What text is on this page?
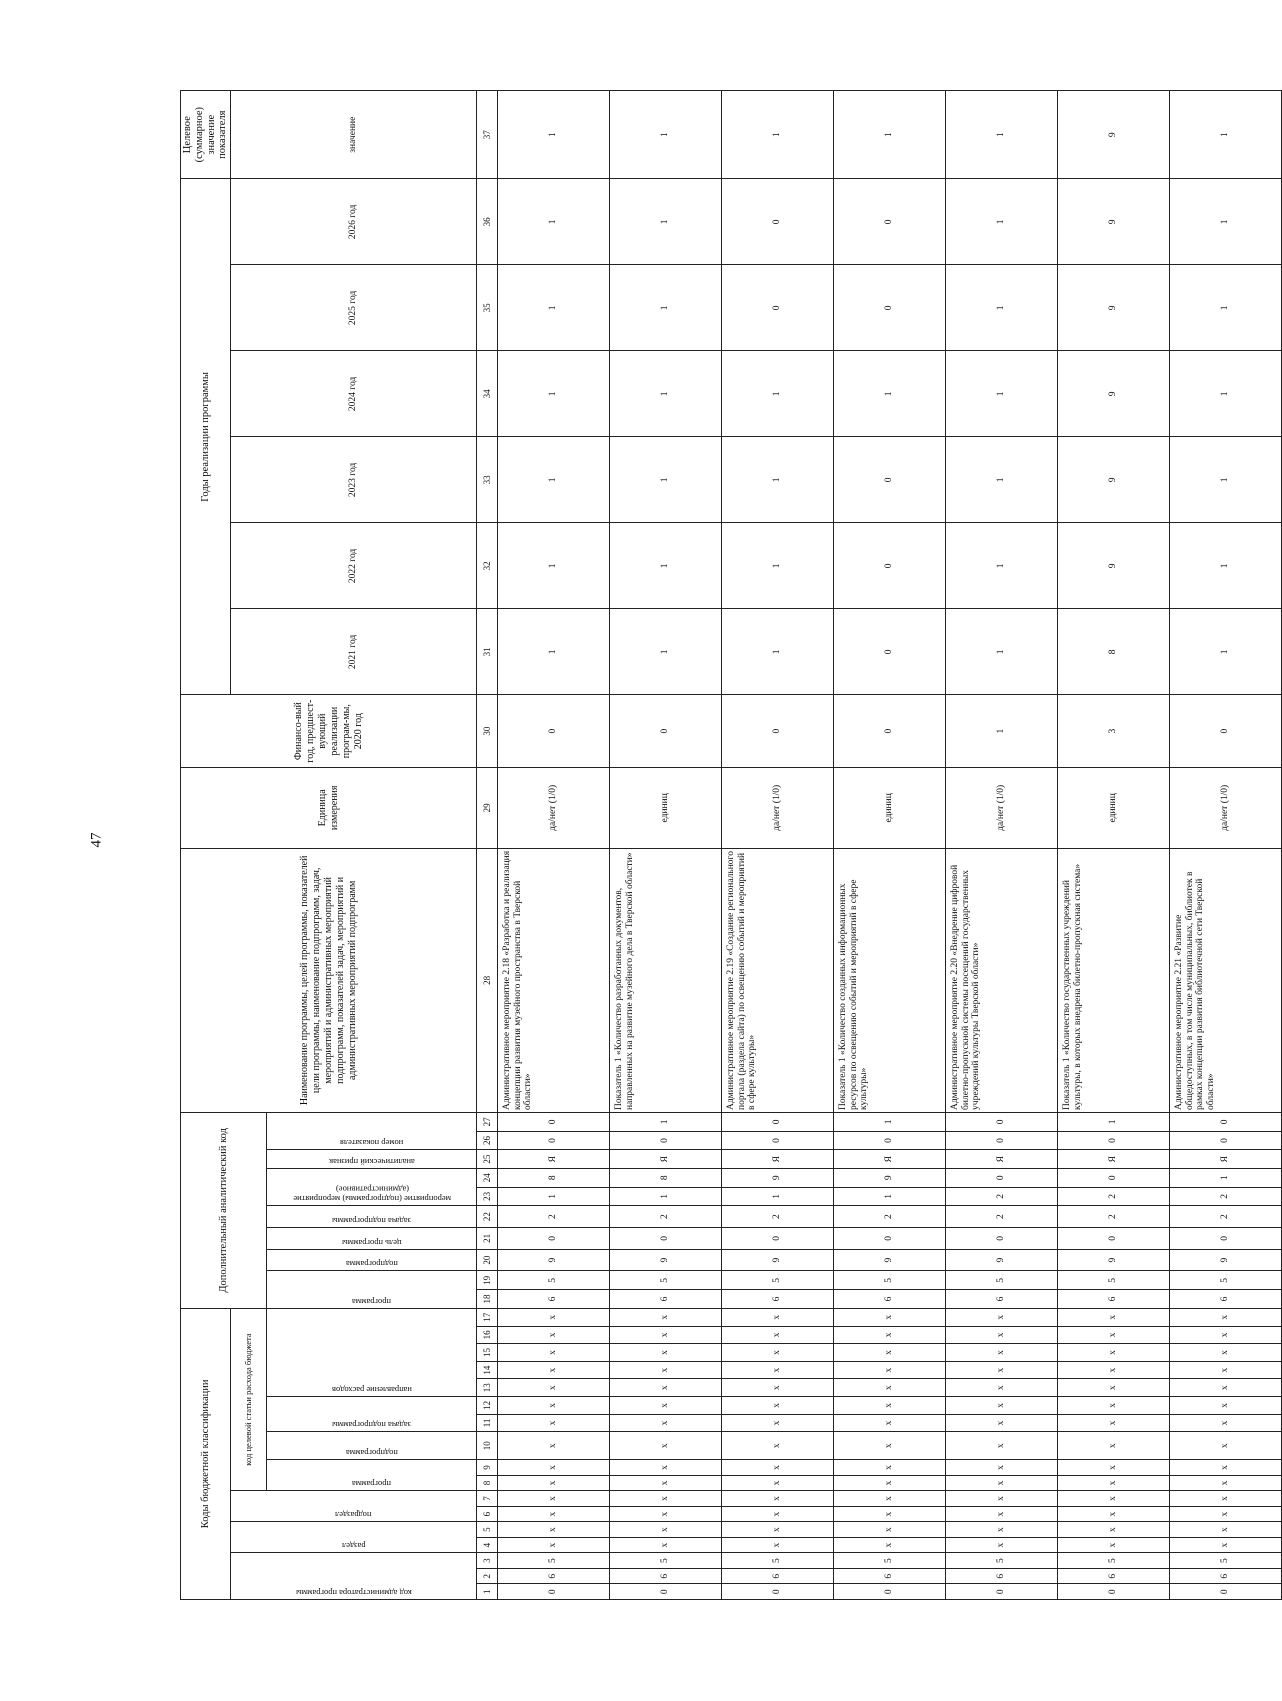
47
Коды бюджетной классификации																	Дополнительный аналитический код										Наименование программы, целей программы, показателей цели программы, наименование подпрограмм, задач, мероприятий и административных мероприятий подпрограмм, показателей задач, мероприятий и административных мероприятий подпрограмм	Единица измерения	Финансо-вый год, предшест-вующий реализации програм-мы, 2020 год	Годы реализации программы						Целевое (суммарное) значение показателя

код администратора программы			раздел		подраздел		код целевой статьи расхода бюджета																							2021 год	2022 год	2023 год	2024 год	2025 год	2026 год	значение

							программа		подпрограмма	задача подпрограммы		направление расходов					программа		подпрограмма	цель программы	задача подпрограммы	мероприятие (подпрограммы) мероприятие (административное)		аналитический признак	номер показателя											

1	2	3	4	5	6	7	8	9	10	11	12	13	14	15	16	17	18	19	20	21	22	23	24	25	26	27	28	29	30	31	32	33	34	35	36	37
0	6	5	х	х	х	х	х	х	х	х	х	х	х	х	х	х	6	5	9	0	2	1	8	Я	0	0	Административное мероприятие 2.18 «Разработка и реализация концепции развития музейного пространства в Тверской области»	да/нет (1/0)	0	1	1	1	1	1	1	1
0	6	5	х	х	х	х	х	х	х	х	х	х	х	х	х	х	6	5	9	0	2	1	8	Я	0	1	Показатель 1 «Количество разработанных документов, направленных на развитие музейного дела в Тверской области»	единиц	0	1	1	1	1	1	1	1
0	6	5	х	х	х	х	х	х	х	х	х	х	х	х	х	х	6	5	9	0	2	1	9	Я	0	0	Административное мероприятие 2.19 «Создание регионального портала (раздела сайта) по освещению событий и мероприятий в сфере культуры»	да/нет (1/0)	0	1	1	1	1	0	0	1
0	6	5	х	х	х	х	х	х	х	х	х	х	х	х	х	х	6	5	9	0	2	1	9	Я	0	1	Показатель 1 «Количество созданных информационных ресурсов по освещению событий и мероприятий в сфере культуры»	единиц	0	0	0	0	1	0	0	1
0	6	5	х	х	х	х	х	х	х	х	х	х	х	х	х	х	6	5	9	0	2	2	0	Я	0	0	Административное мероприятие 2.20 «Внедрение цифровой билетно-пропускной системы посещений государственных учреждений культуры Тверской области»	да/нет (1/0)	1	1	1	1	1	1	1	1
0	6	5	х	х	х	х	х	х	х	х	х	х	х	х	х	х	6	5	9	0	2	2	0	Я	0	1	Показатель 1 «Количество государственных учреждений культуры, в которых внедрена билетно-пропускная система»	единиц	3	8	9	9	9	9	9	9
0	6	5	х	х	х	х	х	х	х	х	х	х	х	х	х	х	6	5	9	0	2	2	1	Я	0	0	Административное мероприятие 2.21 «Развитие общедоступных, в том числе муниципальных, библиотек в рамках концепции развития библиотечной сети Тверской области»	да/нет (1/0)	0	1	1	1	1	1	1	1
